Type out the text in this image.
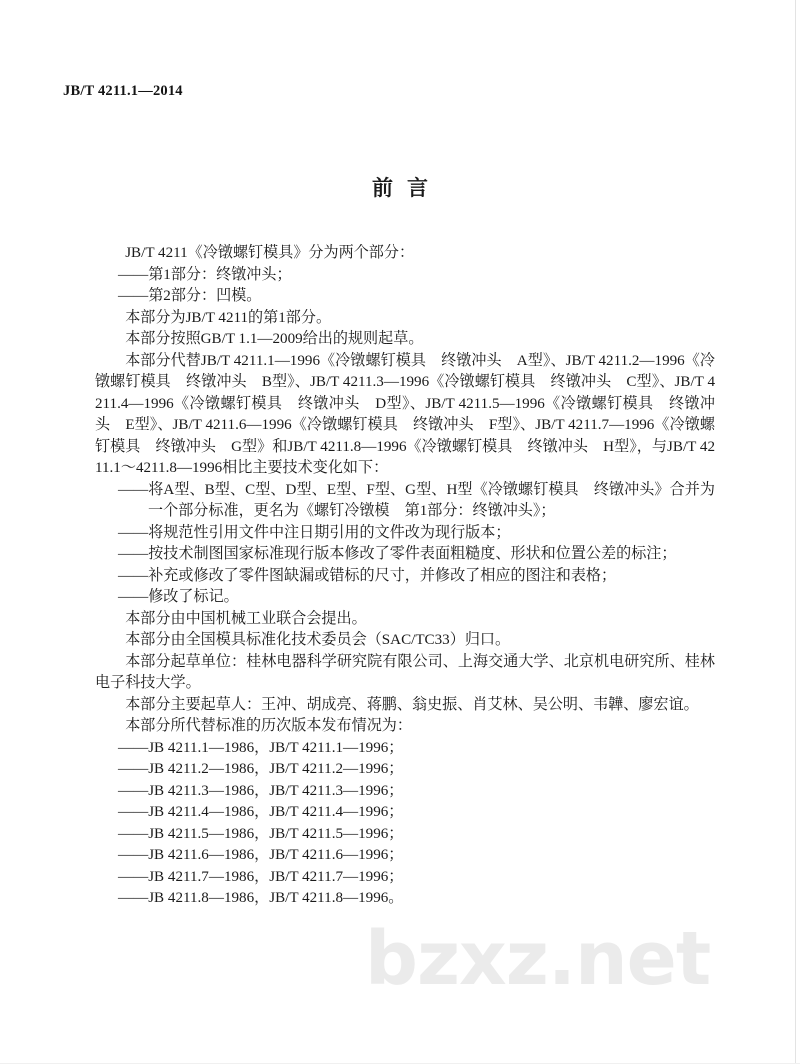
bzxz.net
JB/T 4211.1—2014
前言

JB/T 4211《冷镦螺钉模具》分为两个部分：

——第1部分：终镦冲头；

——第2部分：凹模。

本部分为JB/T 4211的第1部分。

本部分按照GB/T 1.1—2009给出的规则起草。

本部分代替JB/T 4211.1—1996《冷镦螺钉模具　终镦冲头　A型》、JB/T 4211.2—1996《冷镦螺钉模具　终镦冲头　B型》、JB/T 4211.3—1996《冷镦螺钉模具　终镦冲头　C型》、JB/T 4211.4—1996《冷镦螺钉模具　终镦冲头　D型》、JB/T 4211.5—1996《冷镦螺钉模具　终镦冲头　E型》、JB/T 4211.6—1996《冷镦螺钉模具　终镦冲头　F型》、JB/T 4211.7—1996《冷镦螺钉模具　终镦冲头　G型》和JB/T 4211.8—1996《冷镦螺钉模具　终镦冲头　H型》，与JB/T 4211.1～4211.8—1996相比主要技术变化如下：

——将A型、B型、C型、D型、E型、F型、G型、H型《冷镦螺钉模具　终镦冲头》合并为一个部分标准，更名为《螺钉冷镦模　第1部分：终镦冲头》；

——将规范性引用文件中注日期引用的文件改为现行版本；

——按技术制图国家标准现行版本修改了零件表面粗糙度、形状和位置公差的标注；

——补充或修改了零件图缺漏或错标的尺寸，并修改了相应的图注和表格；

——修改了标记。

本部分由中国机械工业联合会提出。

本部分由全国模具标准化技术委员会（SAC/TC33）归口。

本部分起草单位：桂林电器科学研究院有限公司、上海交通大学、北京机电研究所、桂林电子科技大学。

本部分主要起草人：王冲、胡成亮、蒋鹏、翁史振、肖艾林、吴公明、韦韡、廖宏谊。

本部分所代替标准的历次版本发布情况为：

——JB 4211.1—1986，JB/T 4211.1—1996；

——JB 4211.2—1986，JB/T 4211.2—1996；

——JB 4211.3—1986，JB/T 4211.3—1996；

——JB 4211.4—1986，JB/T 4211.4—1996；

——JB 4211.5—1986，JB/T 4211.5—1996；

——JB 4211.6—1986，JB/T 4211.6—1996；

——JB 4211.7—1986，JB/T 4211.7—1996；

——JB 4211.8—1986，JB/T 4211.8—1996。
